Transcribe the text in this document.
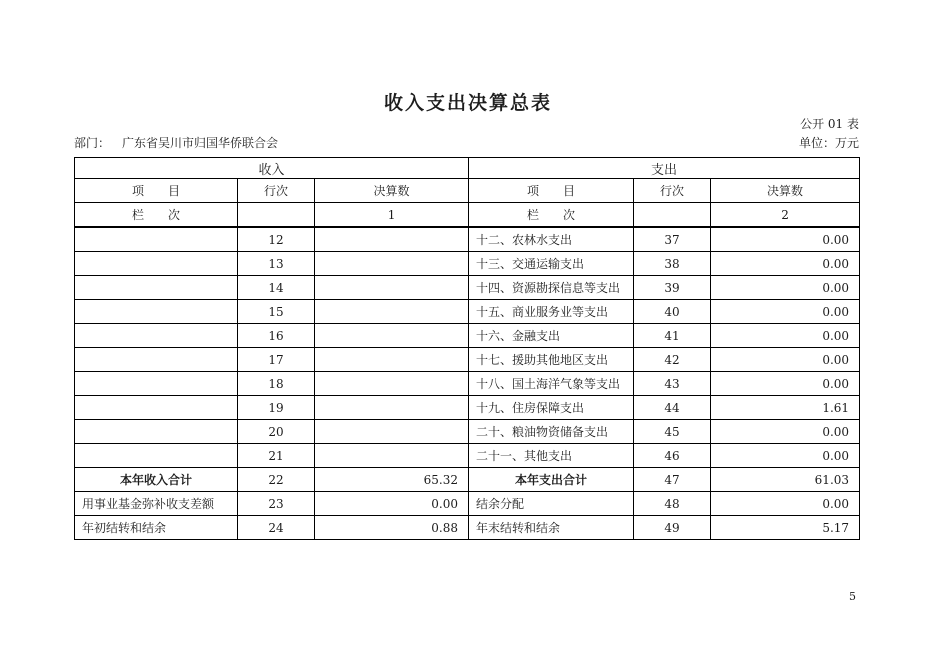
收入支出决算总表
公开 01 表
部门： 广东省吴川市归国华侨联合会	单位：万元
收入			支出		
项　　目	行次	决算数	项　　目	行次	决算数
栏　　次		1	栏　　次		2
	12		十二、农林水支出	37	0.00
	13		十三、交通运输支出	38	0.00
	14		十四、资源勘探信息等支出	39	0.00
	15		十五、商业服务业等支出	40	0.00
	16		十六、金融支出	41	0.00
	17		十七、援助其他地区支出	42	0.00
	18		十八、国土海洋气象等支出	43	0.00
	19		十九、住房保障支出	44	1.61
	20		二十、粮油物资储备支出	45	0.00
	21		二十一、其他支出	46	0.00
本年收入合计	22	65.32	本年支出合计	47	61.03
用事业基金弥补收支差额	23	0.00	结余分配	48	0.00
年初结转和结余	24	0.88	年末结转和结余	49	5.17
5
